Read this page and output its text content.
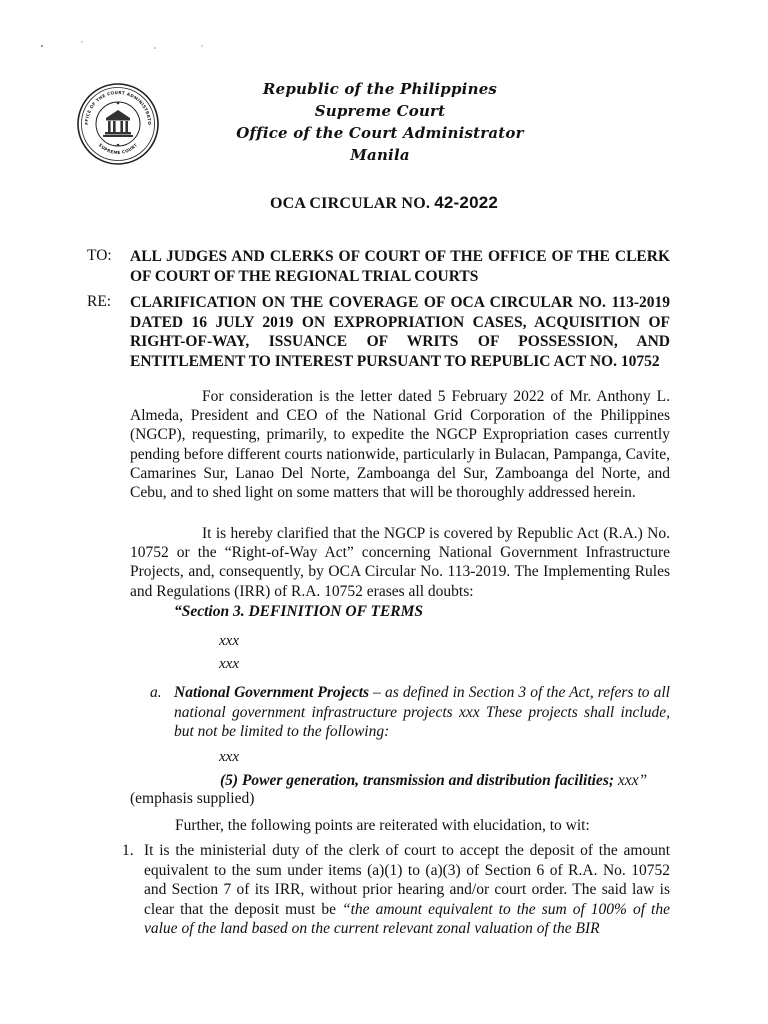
FFICE OF THE COURT ADMINISTRATO
SUPREME COURT
Republic of the Philippines
Supreme Court
Office of the Court Administrator
Manila
OCA CIRCULAR NO. 42-2022
TO: ALL JUDGES AND CLERKS OF COURT OF THE OFFICE OF THE CLERK OF COURT OF THE REGIONAL TRIAL COURTS
RE: CLARIFICATION ON THE COVERAGE OF OCA CIRCULAR NO. 113-2019 DATED 16 JULY 2019 ON EXPROPRIATION CASES, ACQUISITION OF RIGHT-OF-WAY, ISSUANCE OF WRITS OF POSSESSION, AND ENTITLEMENT TO INTEREST PURSUANT TO REPUBLIC ACT NO. 10752

For consideration is the letter dated 5 February 2022 of Mr. Anthony L. Almeda, President and CEO of the National Grid Corporation of the Philippines (NGCP), requesting, primarily, to expedite the NGCP Expropriation cases currently pending before different courts nationwide, particularly in Bulacan, Pampanga, Cavite, Camarines Sur, Lanao Del Norte, Zamboanga del Sur, Zamboanga del Norte, and Cebu, and to shed light on some matters that will be thoroughly addressed herein.

It is hereby clarified that the NGCP is covered by Republic Act (R.A.) No. 10752 or the “Right-of-Way Act” concerning National Government Infrastructure Projects, and, consequently, by OCA Circular No. 113-2019. The Implementing Rules and Regulations (IRR) of R.A. 10752 erases all doubts:

“Section 3. DEFINITION OF TERMS
xxx
xxx
a. National Government Projects – as defined in Section 3 of the Act, refers to all national government infrastructure projects xxx These projects shall include, but not be limited to the following:
xxx
(5) Power generation, transmission and distribution facilities; xxx”
(emphasis supplied)
Further, the following points are reiterated with elucidation, to wit:
1. It is the ministerial duty of the clerk of court to accept the deposit of the amount equivalent to the sum under items (a)(1) to (a)(3) of Section 6 of R.A. No. 10752 and Section 7 of its IRR, without prior hearing and/or court order. The said law is clear that the deposit must be “the amount equivalent to the sum of 100% of the value of the land based on the current relevant zonal valuation of the BIR
